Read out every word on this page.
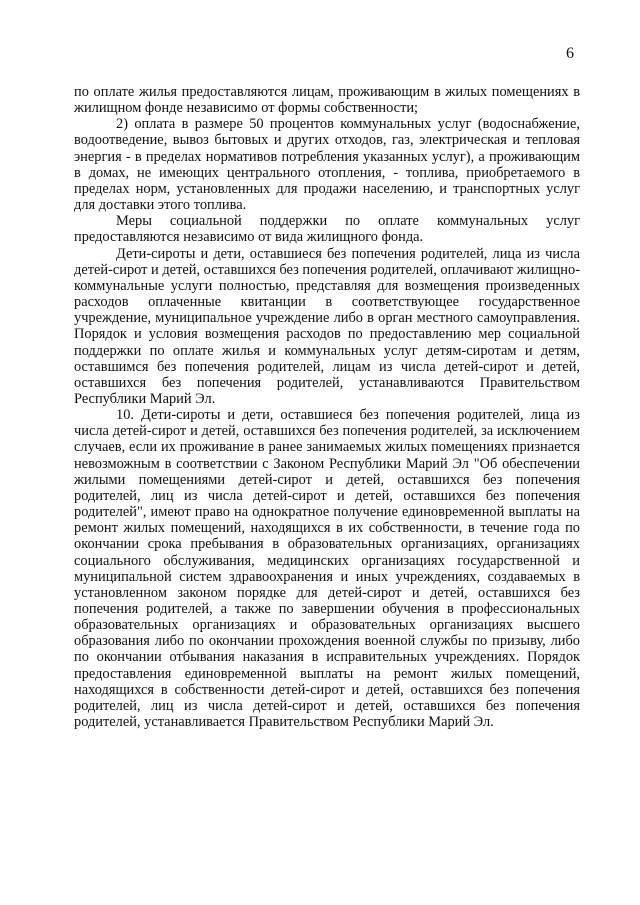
6

по оплате жилья предоставляются лицам, проживающим в жилых помещениях в жилищном фонде независимо от формы собственности;

2) оплата в размере 50 процентов коммунальных услуг (водоснабжение, водоотведение, вывоз бытовых и других отходов, газ, электрическая и тепловая энергия - в пределах нормативов потребления указанных услуг), а проживающим в домах, не имеющих центрального отопления, - топлива, приобретаемого в пределах норм, установленных для продажи населению, и транспортных услуг для доставки этого топлива.

Меры социальной поддержки по оплате коммунальных услуг предоставляются независимо от вида жилищного фонда.

Дети-сироты и дети, оставшиеся без попечения родителей, лица из числа детей-сирот и детей, оставшихся без попечения родителей, оплачивают жилищно-коммунальные услуги полностью, представляя для возмещения произведенных расходов оплаченные квитанции в соответствующее государственное учреждение, муниципальное учреждение либо в орган местного самоуправления. Порядок и условия возмещения расходов по предоставлению мер социальной поддержки по оплате жилья и коммунальных услуг детям-сиротам и детям, оставшимся без попечения родителей, лицам из числа детей-сирот и детей, оставшихся без попечения родителей, устанавливаются Правительством Республики Марий Эл.

10. Дети-сироты и дети, оставшиеся без попечения родителей, лица из числа детей-сирот и детей, оставшихся без попечения родителей, за исключением случаев, если их проживание в ранее занимаемых жилых помещениях признается невозможным в соответствии с Законом Республики Марий Эл "Об обеспечении жилыми помещениями детей-сирот и детей, оставшихся без попечения родителей, лиц из числа детей-сирот и детей, оставшихся без попечения родителей", имеют право на однократное получение единовременной выплаты на ремонт жилых помещений, находящихся в их собственности, в течение года по окончании срока пребывания в образовательных организациях, организациях социального обслуживания, медицинских организациях государственной и муниципальной систем здравоохранения и иных учреждениях, создаваемых в установленном законом порядке для детей-сирот и детей, оставшихся без попечения родителей, а также по завершении обучения в профессиональных образовательных организациях и образовательных организациях высшего образования либо по окончании прохождения военной службы по призыву, либо по окончании отбывания наказания в исправительных учреждениях. Порядок предоставления единовременной выплаты на ремонт жилых помещений, находящихся в собственности детей-сирот и детей, оставшихся без попечения родителей, лиц из числа детей-сирот и детей, оставшихся без попечения родителей, устанавливается Правительством Республики Марий Эл.
